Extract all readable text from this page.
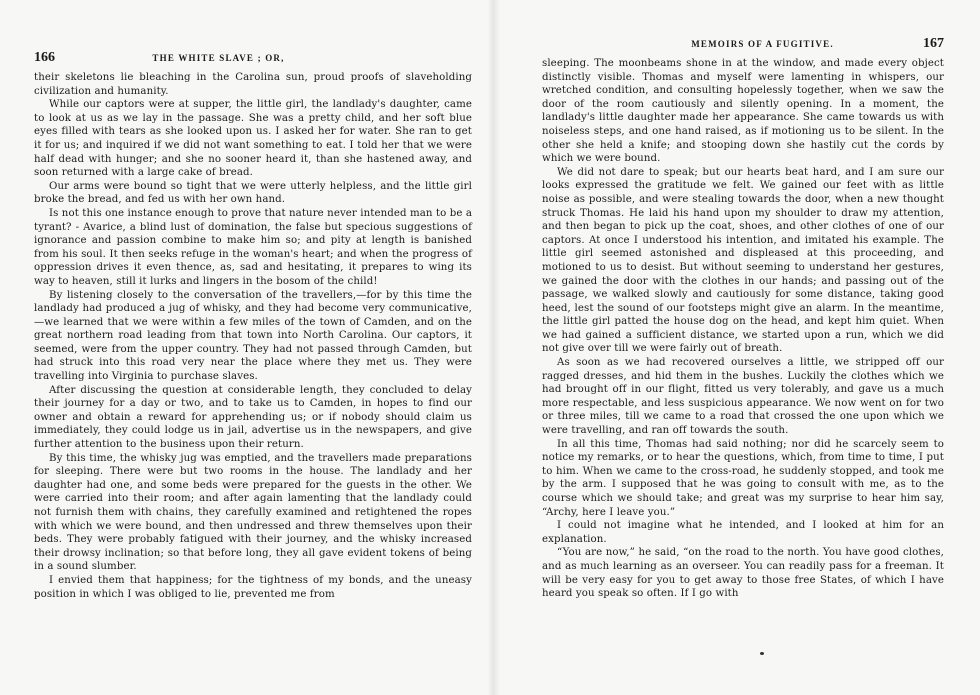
166	THE WHITE SLAVE ; OR,

their skeletons lie bleaching in the Carolina sun, proud proofs of slaveholding civilization and humanity.

While our captors were at supper, the little girl, the landlady's daughter, came to look at us as we lay in the passage. She was a pretty child, and her soft blue eyes filled with tears as she looked upon us. I asked her for water. She ran to get it for us; and inquired if we did not want something to eat. I told her that we were half dead with hunger; and she no sooner heard it, than she hastened away, and soon returned with a large cake of bread.

Our arms were bound so tight that we were utterly helpless, and the little girl broke the bread, and fed us with her own hand.

Is not this one instance enough to prove that nature never intended man to be a tyrant? - Avarice, a blind lust of domination, the false but specious suggestions of ignorance and passion combine to make him so; and pity at length is banished from his soul. It then seeks refuge in the woman's heart; and when the progress of oppression drives it even thence, as, sad and hesitating, it prepares to wing its way to heaven, still it lurks and lingers in the bosom of the child!

By listening closely to the conversation of the travellers,—for by this time the landlady had produced a jug of whisky, and they had become very communicative,—we learned that we were within a few miles of the town of Camden, and on the great northern road leading from that town into North Carolina. Our captors, it seemed, were from the upper country. They had not passed through Camden, but had struck into this road very near the place where they met us. They were travelling into Virginia to purchase slaves.

After discussing the question at considerable length, they concluded to delay their journey for a day or two, and to take us to Camden, in hopes to find our owner and obtain a reward for apprehending us; or if nobody should claim us immediately, they could lodge us in jail, advertise us in the newspapers, and give further attention to the business upon their return.

By this time, the whisky jug was emptied, and the travellers made preparations for sleeping. There were but two rooms in the house. The landlady and her daughter had one, and some beds were prepared for the guests in the other. We were carried into their room; and after again lamenting that the landlady could not furnish them with chains, they carefully examined and retightened the ropes with which we were bound, and then undressed and threw themselves upon their beds. They were probably fatigued with their journey, and the whisky increased their drowsy inclination; so that before long, they all gave evident tokens of being in a sound slumber.

I envied them that happiness; for the tightness of my bonds, and the uneasy position in which I was obliged to lie, prevented me from

MEMOIRS OF A FUGITIVE.	167

sleeping. The moonbeams shone in at the window, and made every object distinctly visible. Thomas and myself were lamenting in whispers, our wretched condition, and consulting hopelessly together, when we saw the door of the room cautiously and silently opening. In a moment, the landlady's little daughter made her appearance. She came towards us with noiseless steps, and one hand raised, as if motioning us to be silent. In the other she held a knife; and stooping down she hastily cut the cords by which we were bound.

We did not dare to speak; but our hearts beat hard, and I am sure our looks expressed the gratitude we felt. We gained our feet with as little noise as possible, and were stealing towards the door, when a new thought struck Thomas. He laid his hand upon my shoulder to draw my attention, and then began to pick up the coat, shoes, and other clothes of one of our captors. At once I understood his intention, and imitated his example. The little girl seemed astonished and displeased at this proceeding, and motioned to us to desist. But without seeming to understand her gestures, we gained the door with the clothes in our hands; and passing out of the passage, we walked slowly and cautiously for some distance, taking good heed, lest the sound of our footsteps might give an alarm. In the meantime, the little girl patted the house dog on the head, and kept him quiet. When we had gained a sufficient distance, we started upon a run, which we did not give over till we were fairly out of breath.

As soon as we had recovered ourselves a little, we stripped off our ragged dresses, and hid them in the bushes. Luckily the clothes which we had brought off in our flight, fitted us very tolerably, and gave us a much more respectable, and less suspicious appearance. We now went on for two or three miles, till we came to a road that crossed the one upon which we were travelling, and ran off towards the south.

In all this time, Thomas had said nothing; nor did he scarcely seem to notice my remarks, or to hear the questions, which, from time to time, I put to him. When we came to the cross-road, he suddenly stopped, and took me by the arm. I supposed that he was going to consult with me, as to the course which we should take; and great was my surprise to hear him say, “Archy, here I leave you.”

I could not imagine what he intended, and I looked at him for an explanation.

“You are now,” he said, “on the road to the north. You have good clothes, and as much learning as an overseer. You can readily pass for a freeman. It will be very easy for you to get away to those free States, of which I have heard you speak so often. If I go with
